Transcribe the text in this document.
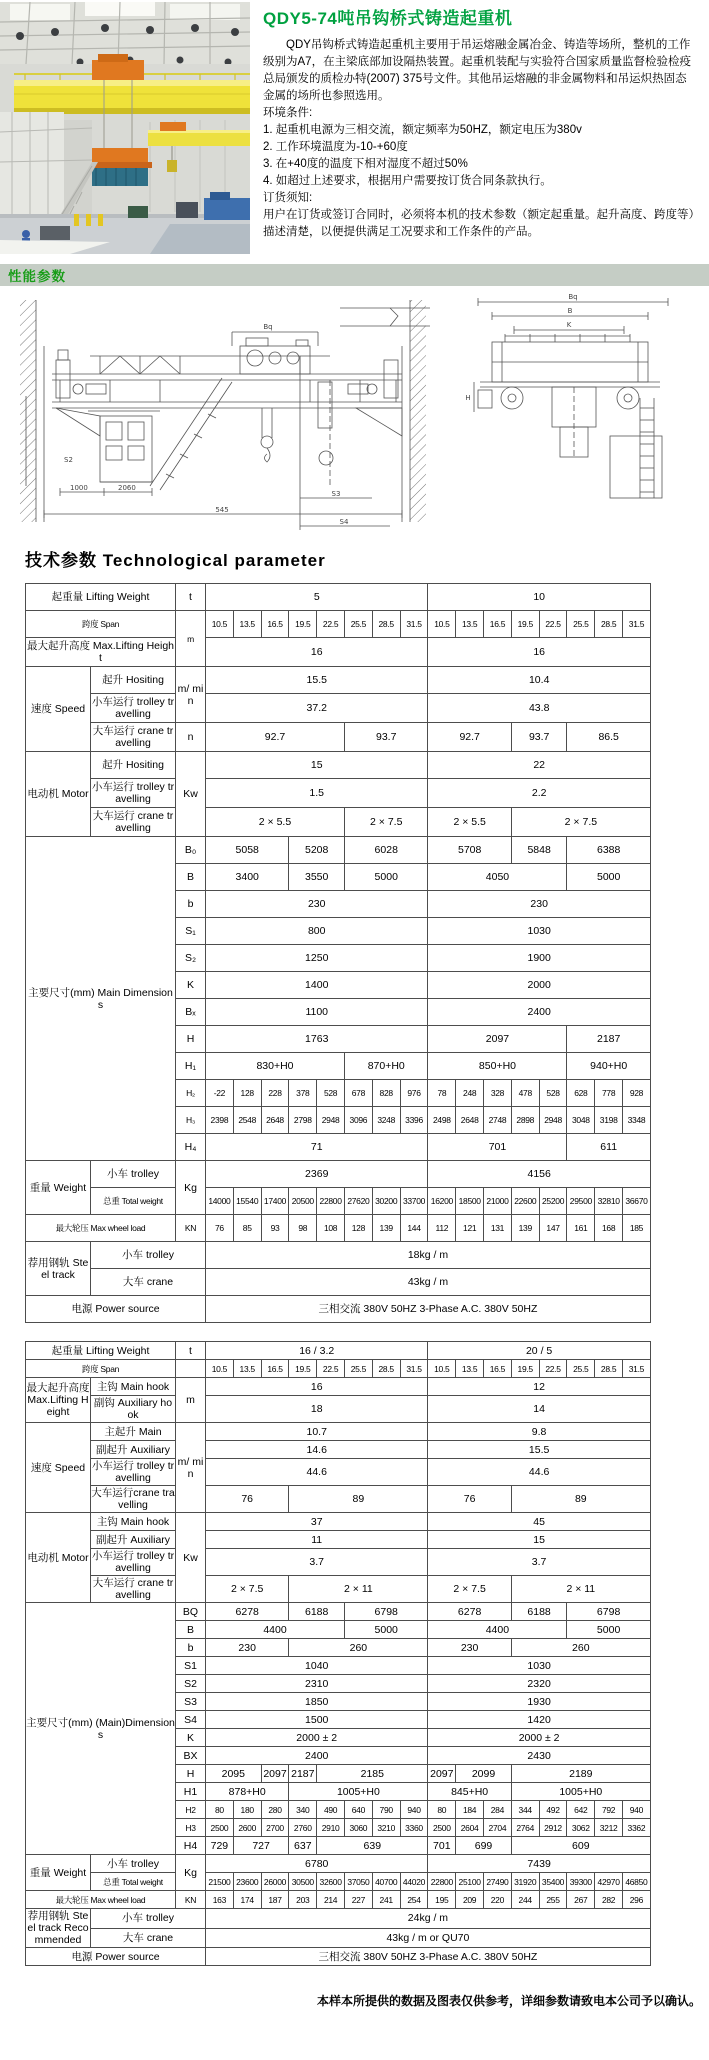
QDY5-74吨吊钩桥式铸造起重机

QDY吊钩桥式铸造起重机主要用于吊运熔融金属冶金、铸造等场所，整机的工作级别为A7，在主梁底部加设隔热装置。起重机装配与实验符合国家质量监督检验检疫总局颁发的质检办特(2007) 375号文件。其他吊运熔融的非金属物料和吊运炽热固态金属的场所也参照选用。

环境条件:

1. 起重机电源为三相交流，额定频率为50HZ，额定电压为380v

2. 工作环境温度为-10-+60度

3. 在+40度的温度下相对湿度不超过50%

4. 如超过上述要求，根据用户需要按订货合同条款执行。

订货须知:

用户在订货或签订合同时，必须将本机的技术参数（额定起重量。起升高度、跨度等）描述清楚，以便提供满足工况要求和工作条件的产品。

性能参数
Bq
S2
1000	2060
545
S3
S4
Bq
B
K
H
技术参数 Technological parameter
起重量 Lifting Weight		t	5								10							
跨度 Span		m	10.5	13.5	16.5	19.5	22.5	25.5	28.5	31.5	10.5	13.5	16.5	19.5	22.5	25.5	28.5	31.5
最大起升高度 Max.Lifting Height			16								16							
速度 Speed	起升 Hositing	m/ min	15.5								10.4							
	小车运行 trolley travelling		37.2								43.8							
	大车运行 crane travelling	n	92.7					93.7			92.7			93.7		86.5		
电动机 Motor	起升 Hositing	Kw	15								22							
	小车运行 trolley travelling		1.5								2.2							
	大车运行 crane travelling		2 × 5.5					2 × 7.5			2 × 5.5			2 × 7.5				
主要尺寸(mm) Main Dimensions		B₀	5058			5208		6028			5708			5848		6388		
		B	3400			3550		5000			4050					5000		
		b	230								230							
		S₁	800								1030							
		S₂	1250								1900							
		K	1400								2000							
		Bₓ	1100								2400							
		H	1763								2097					2187		
		H₁	830+H0					870+H0			850+H0					940+H0		
		H₂	-22	128	228	378	528	678	828	976	78	248	328	478	528	628	778	928
		H₃	2398	2548	2648	2798	2948	3096	3248	3396	2498	2648	2748	2898	2948	3048	3198	3348
		H₄	71								701					611		
重量 Weight	小车 trolley	Kg	2369								4156							
	总重 Total weight		14000	15540	17400	20500	22800	27620	30200	33700	16200	18500	21000	22600	25200	29500	32810	36670
最大轮压 Max wheel load		KN	76	85	93	98	108	128	139	144	112	121	131	139	147	161	168	185
荐用钢轨 Steel track	小车 trolley		18kg / m															
	大车 crane		43kg / m															
电源 Power source			三相交流 380V 50HZ 3-Phase A.C. 380V 50HZ															
起重量 Lifting Weight		t	16 / 3.2								20 / 5							
跨度 Span			10.5	13.5	16.5	19.5	22.5	25.5	28.5	31.5	10.5	13.5	16.5	19.5	22.5	25.5	28.5	31.5
最大起升高度 Max.Lifting Height	主钩 Main hook	m	16								12							
	副钩 Auxiliary hook		18								14							
速度 Speed	主起升 Main	m/ min	10.7								9.8							
	副起升 Auxiliary		14.6								15.5							
	小车运行 trolley travelling		44.6								44.6							
	大车运行crane travelling		76			89					76			89				
电动机 Motor	主钩 Main hook	Kw	37								45							
	副起升 Auxiliary		11								15							
	小车运行 trolley travelling		3.7								3.7							
	大车运行 crane travelling		2 × 7.5			2 × 11					2 × 7.5			2 × 11				
主要尺寸(mm) (Main)Dimensions		BQ	6278			6188		6798			6278			6188		6798		
		B	4400					5000			4400					5000		
		b	230			260					230			260				
		S1	1040								1030							
		S2	2310								2320							
		S3	1850								1930							
		S4	1500								1420							
		K	2000 ± 2								2000 ± 2							
		BX	2400								2430							
		H	2095		2097	2187	2185				2097	2099		2189				
		H1	878+H0			1005+H0					845+H0			1005+H0				
		H2	80	180	280	340	490	640	790	940	80	184	284	344	492	642	792	940
		H3	2500	2600	2700	2760	2910	3060	3210	3360	2500	2604	2704	2764	2912	3062	3212	3362
		H4	729	727		637	639				701	699		609				
重量 Weight	小车 trolley	Kg	6780								7439							
	总重 Total weight		21500	23600	26000	30500	32600	37050	40700	44020	22800	25100	27490	31920	35400	39300	42970	46850
最大轮压 Max wheel load		KN	163	174	187	203	214	227	241	254	195	209	220	244	255	267	282	296
荐用钢轨 Steel track Recommended	小车 trolley		24kg / m															
	大车 crane		43kg / m or QU70															
电源 Power source			三相交流 380V 50HZ 3-Phase A.C. 380V 50HZ															
本样本所提供的数据及图表仅供参考，详细参数请致电本公司予以确认。
